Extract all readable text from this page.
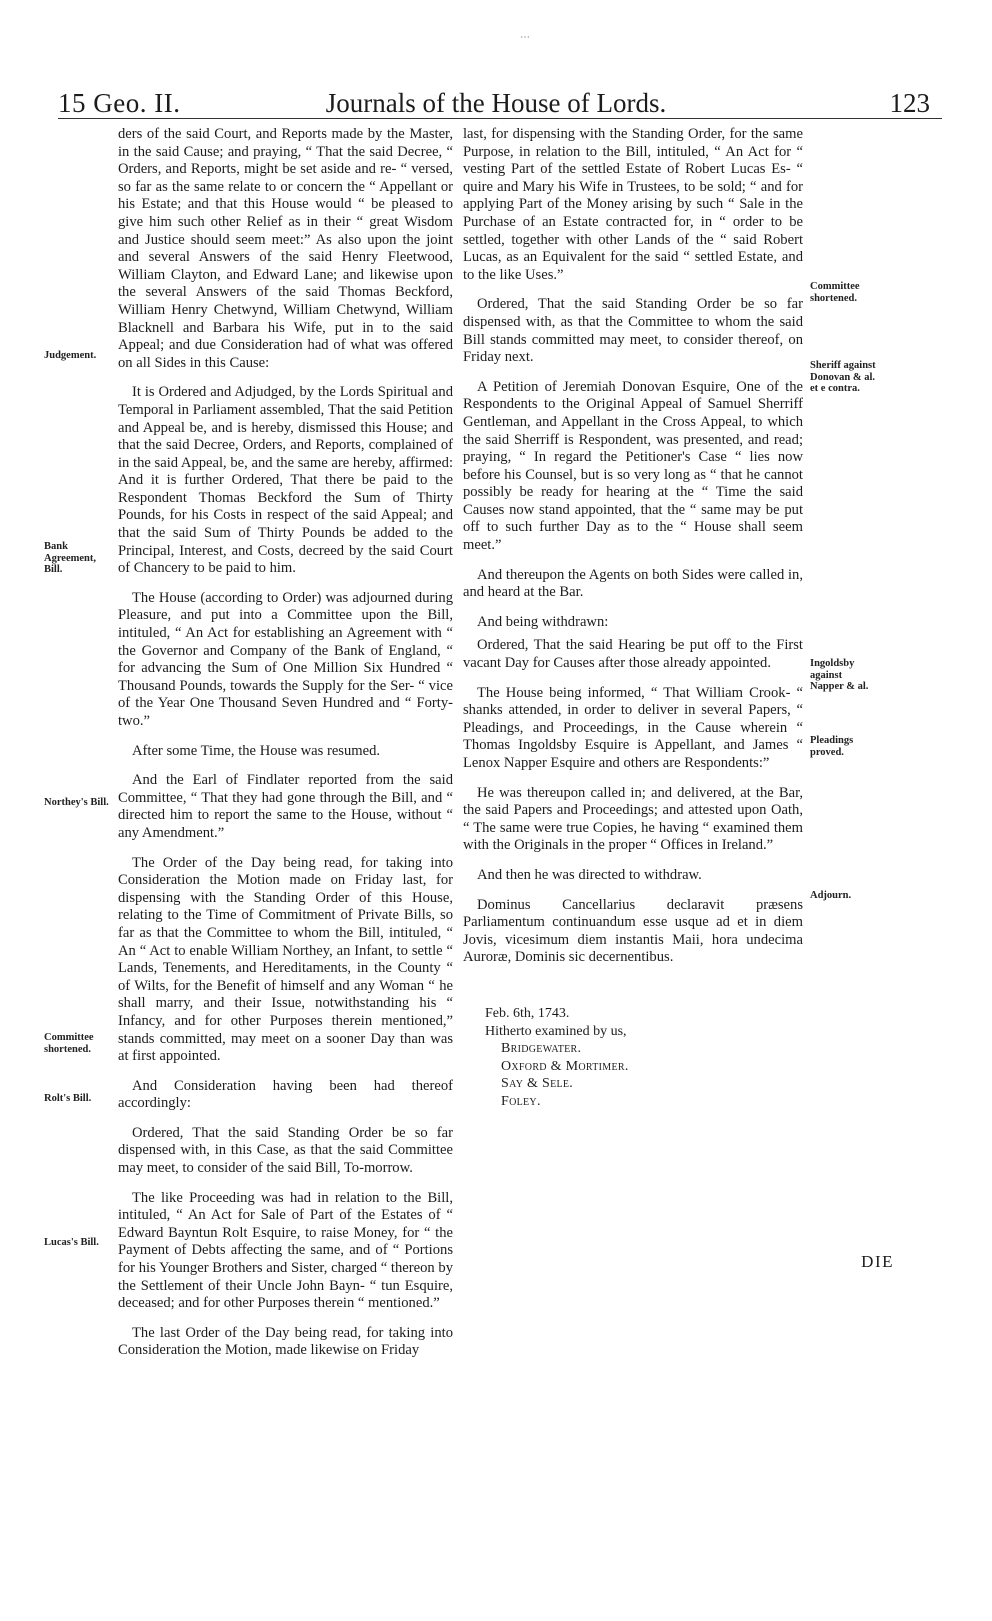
⋯
15 Geo. II.	Journals of the House of Lords.	123

ders of the said Court, and Reports made by the Master, in the said Cause; and praying, “ That the said Decree, “ Orders, and Reports, might be set aside and re- “ versed, so far as the same relate to or concern the “ Appellant or his Estate; and that this House would “ be pleased to give him such other Relief as in their “ great Wisdom and Justice should seem meet:” As also upon the joint and several Answers of the said Henry Fleetwood, William Clayton, and Edward Lane; and likewise upon the several Answers of the said Thomas Beckford, William Henry Chetwynd, William Chetwynd, William Blacknell and Barbara his Wife, put in to the said Appeal; and due Consideration had of what was offered on all Sides in this Cause:

It is Ordered and Adjudged, by the Lords Spiritual and Temporal in Parliament assembled, That the said Petition and Appeal be, and is hereby, dismissed this House; and that the said Decree, Orders, and Reports, complained of in the said Appeal, be, and the same are hereby, affirmed: And it is further Ordered, That there be paid to the Respondent Thomas Beckford the Sum of Thirty Pounds, for his Costs in respect of the said Appeal; and that the said Sum of Thirty Pounds be added to the Principal, Interest, and Costs, decreed by the said Court of Chancery to be paid to him.

The House (according to Order) was adjourned during Pleasure, and put into a Committee upon the Bill, intituled, “ An Act for establishing an Agreement with “ the Governor and Company of the Bank of England, “ for advancing the Sum of One Million Six Hundred “ Thousand Pounds, towards the Supply for the Ser- “ vice of the Year One Thousand Seven Hundred and “ Forty-two.”

After some Time, the House was resumed.

And the Earl of Findlater reported from the said Committee, “ That they had gone through the Bill, and “ directed him to report the same to the House, without “ any Amendment.”

The Order of the Day being read, for taking into Consideration the Motion made on Friday last, for dispensing with the Standing Order of this House, relating to the Time of Commitment of Private Bills, so far as that the Committee to whom the Bill, intituled, “ An “ Act to enable William Northey, an Infant, to settle “ Lands, Tenements, and Hereditaments, in the County “ of Wilts, for the Benefit of himself and any Woman “ he shall marry, and their Issue, notwithstanding his “ Infancy, and for other Purposes therein mentioned,” stands committed, may meet on a sooner Day than was at first appointed.

And Consideration having been had thereof accordingly:

Ordered, That the said Standing Order be so far dispensed with, in this Case, as that the said Committee may meet, to consider of the said Bill, To-morrow.

The like Proceeding was had in relation to the Bill, intituled, “ An Act for Sale of Part of the Estates of “ Edward Bayntun Rolt Esquire, to raise Money, for “ the Payment of Debts affecting the same, and of “ Portions for his Younger Brothers and Sister, charged “ thereon by the Settlement of their Uncle John Bayn- “ tun Esquire, deceased; and for other Purposes therein “ mentioned.”

The last Order of the Day being read, for taking into Consideration the Motion, made likewise on Friday

last, for dispensing with the Standing Order, for the same Purpose, in relation to the Bill, intituled, “ An Act for “ vesting Part of the settled Estate of Robert Lucas Es- “ quire and Mary his Wife in Trustees, to be sold; “ and for applying Part of the Money arising by such “ Sale in the Purchase of an Estate contracted for, in “ order to be settled, together with other Lands of the “ said Robert Lucas, as an Equivalent for the said “ settled Estate, and to the like Uses.”

Ordered, That the said Standing Order be so far dispensed with, as that the Committee to whom the said Bill stands committed may meet, to consider thereof, on Friday next.

A Petition of Jeremiah Donovan Esquire, One of the Respondents to the Original Appeal of Samuel Sherriff Gentleman, and Appellant in the Cross Appeal, to which the said Sherriff is Respondent, was presented, and read; praying, “ In regard the Petitioner's Case “ lies now before his Counsel, but is so very long as “ that he cannot possibly be ready for hearing at the “ Time the said Causes now stand appointed, that the “ same may be put off to such further Day as to the “ House shall seem meet.”

And thereupon the Agents on both Sides were called in, and heard at the Bar.

And being withdrawn:

Ordered, That the said Hearing be put off to the First vacant Day for Causes after those already appointed.

The House being informed, “ That William Crook- “ shanks attended, in order to deliver in several Papers, “ Pleadings, and Proceedings, in the Cause wherein “ Thomas Ingoldsby Esquire is Appellant, and James “ Lenox Napper Esquire and others are Respondents:”

He was thereupon called in; and delivered, at the Bar, the said Papers and Proceedings; and attested upon Oath, “ The same were true Copies, he having “ examined them with the Originals in the proper “ Offices in Ireland.”

And then he was directed to withdraw.

Dominus Cancellarius declaravit præsens Parliamentum continuandum esse usque ad et in diem Jovis, vicesimum diem instantis Maii, hora undecima Auroræ, Dominis sic decernentibus.

Judgement.
Bank Agreement, Bill.
Northey's Bill.
Committee shortened.
Rolt's Bill.
Lucas's Bill.
Committee shortened.
Sheriff against Donovan & al. et e contra.
Ingoldsby against Napper & al.
Pleadings proved.
Adjourn.
Feb. 6th, 1743.
Hitherto examined by us,
Bridgewater.
Oxford & Mortimer.
Say & Sele.
Foley.
DIE
